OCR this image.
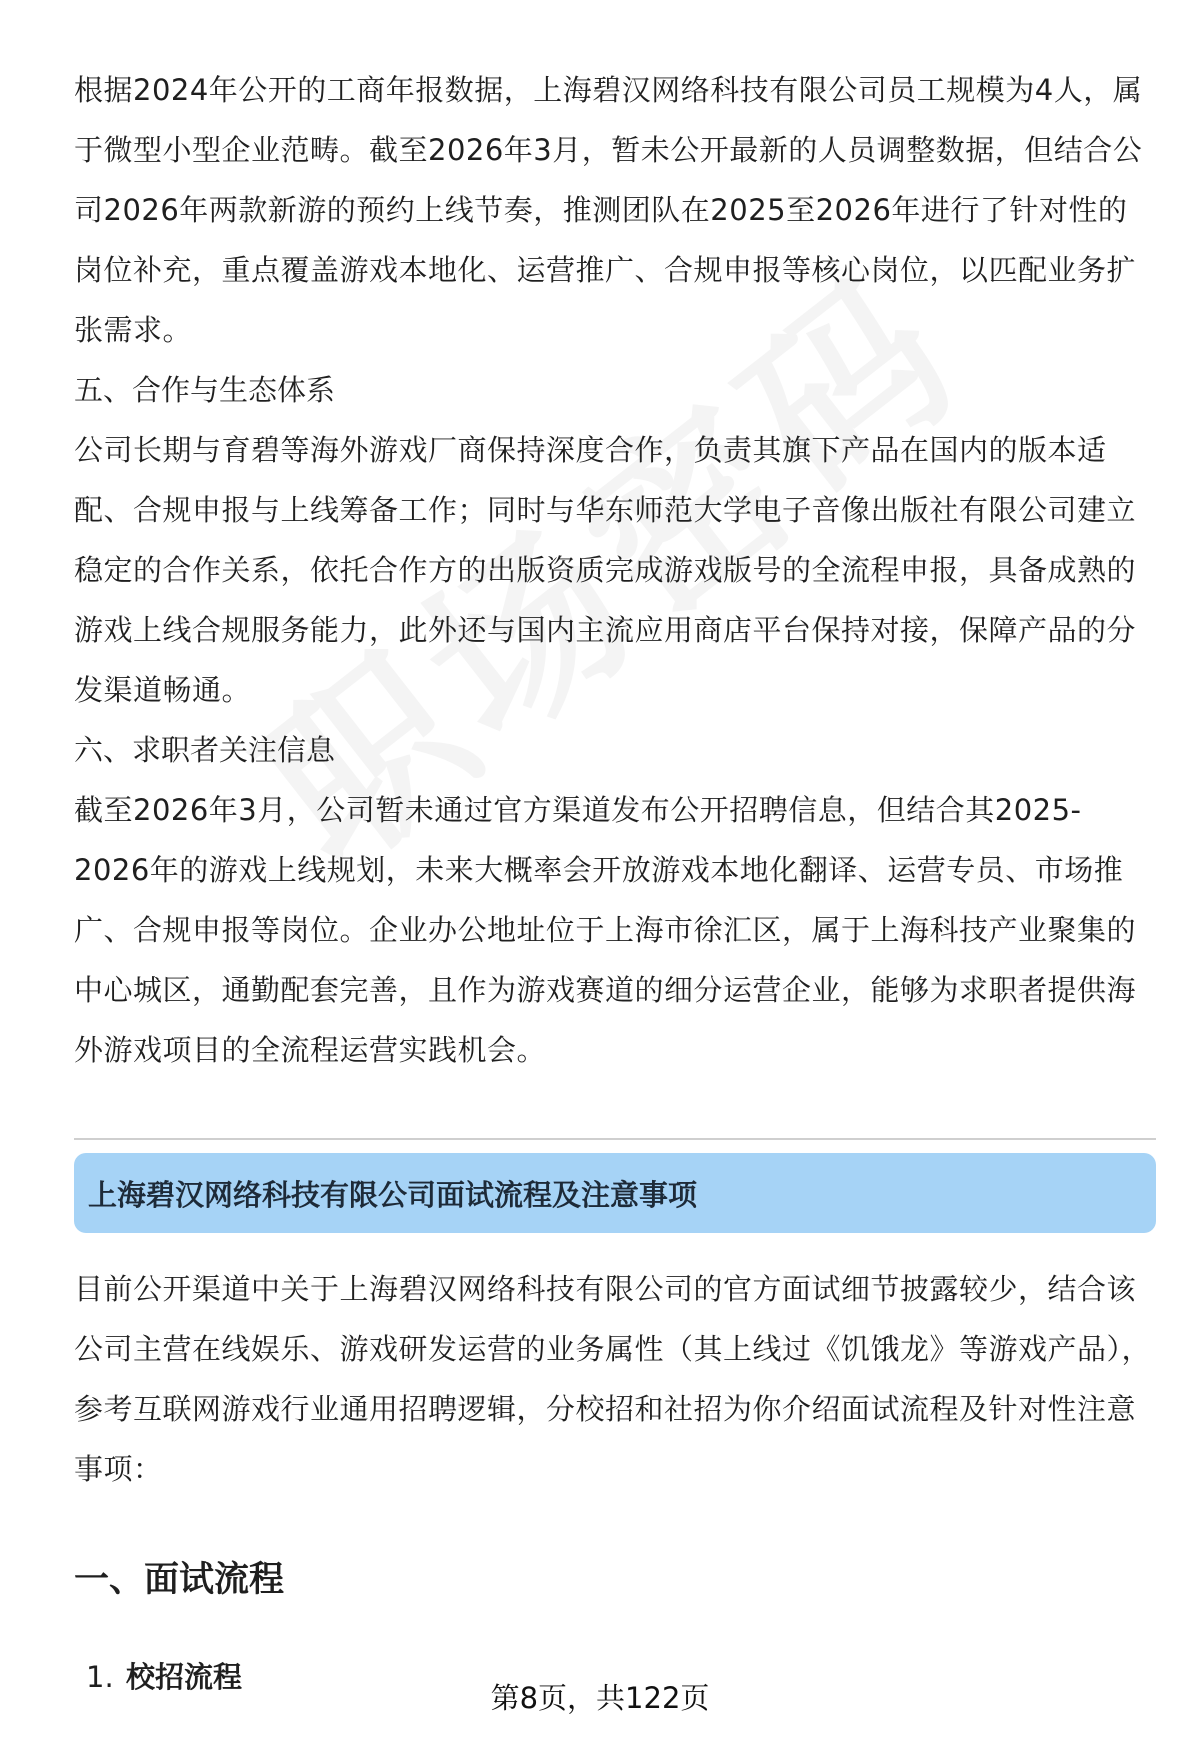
根据2024年公开的工商年报数据，上海碧汉网络科技有限公司员工规模为4人，属于微型小型企业范畴。截至2026年3月，暂未公开最新的人员调整数据，但结合公司2026年两款新游的预约上线节奏，推测团队在2025至2026年进行了针对性的岗位补充，重点覆盖游戏本地化、运营推广、合规申报等核心岗位，以匹配业务扩张需求。

五、合作与生态体系

公司长期与育碧等海外游戏厂商保持深度合作，负责其旗下产品在国内的版本适配、合规申报与上线筹备工作；同时与华东师范大学电子音像出版社有限公司建立稳定的合作关系，依托合作方的出版资质完成游戏版号的全流程申报，具备成熟的游戏上线合规服务能力，此外还与国内主流应用商店平台保持对接，保障产品的分发渠道畅通。

六、求职者关注信息

截至2026年3月，公司暂未通过官方渠道发布公开招聘信息，但结合其2025-2026年的游戏上线规划，未来大概率会开放游戏本地化翻译、运营专员、市场推广、合规申报等岗位。企业办公地址位于上海市徐汇区，属于上海科技产业聚集的中心城区，通勤配套完善，且作为游戏赛道的细分运营企业，能够为求职者提供海外游戏项目的全流程运营实践机会。

上海碧汉网络科技有限公司面试流程及注意事项

目前公开渠道中关于上海碧汉网络科技有限公司的官方面试细节披露较少，结合该公司主营在线娱乐、游戏研发运营的业务属性（其上线过《饥饿龙》等游戏产品），参考互联网游戏行业通用招聘逻辑，分校招和社招为你介绍面试流程及针对性注意事项：

一、面试流程
1. 校招流程
第8页，共122页
